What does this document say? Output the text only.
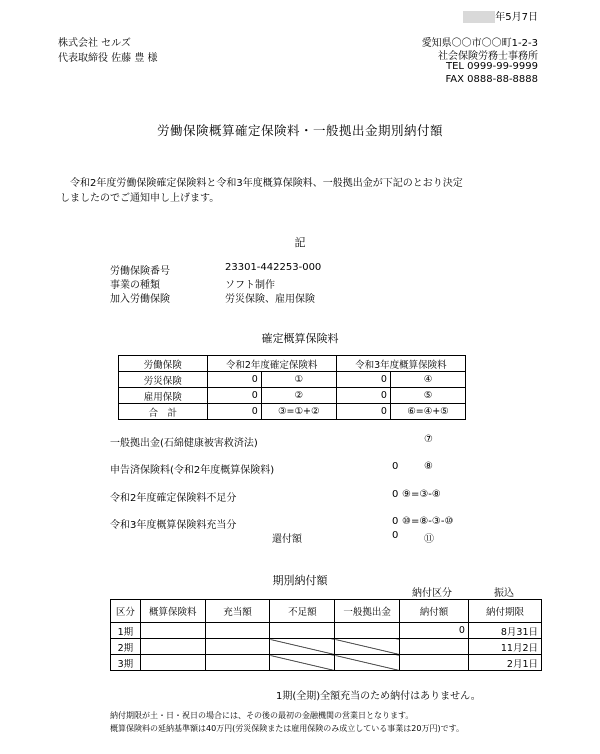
年5月7日
株式会社 セルズ
代表取締役 佐藤 豊 様
愛知県〇〇市〇〇町1-2-3
社会保険労務士事務所
TEL 0999-99-9999
FAX 0888-88-8888
労働保険概算確定保険料・一般拠出金期別納付額
令和2年度労働保険確定保険料と令和3年度概算保険料、一般拠出金が下記のとおり決定
しましたのでご通知申し上げます。
記
労働保険番号	23301-442253-000
事業の種類	ソフト制作
加入労働保険	労災保険、雇用保険
確定概算保険料
労働保険	令和2年度確定保険料		令和3年度概算保険料	
労災保険	0	①	0	④
雇用保険	0	②	0	⑤
合　計	0	③=①+②	0	⑥=④+⑤
一般拠出金(石綿健康被害救済法)	⑦
申告済保険料(令和2年度概算保険料)	0	⑧
令和2年度確定保険料不足分	0 ⑨=③-⑧
令和3年度概算保険料充当分	0 ⑩=⑧-③-⑩
還付額	0	⑪
期別納付額
納付区分	振込
区分	概算保険料	充当額	不足額	一般拠出金	納付額	納付期限
1期					0	8月31日
2期						11月2日
3期						2月1日
1期(全期)全額充当のため納付はありません。
納付期限が土・日・祝日の場合には、その後の最初の金融機関の営業日となります。
概算保険料の延納基準額は40万円(労災保険または雇用保険のみ成立している事業は20万円)です。
